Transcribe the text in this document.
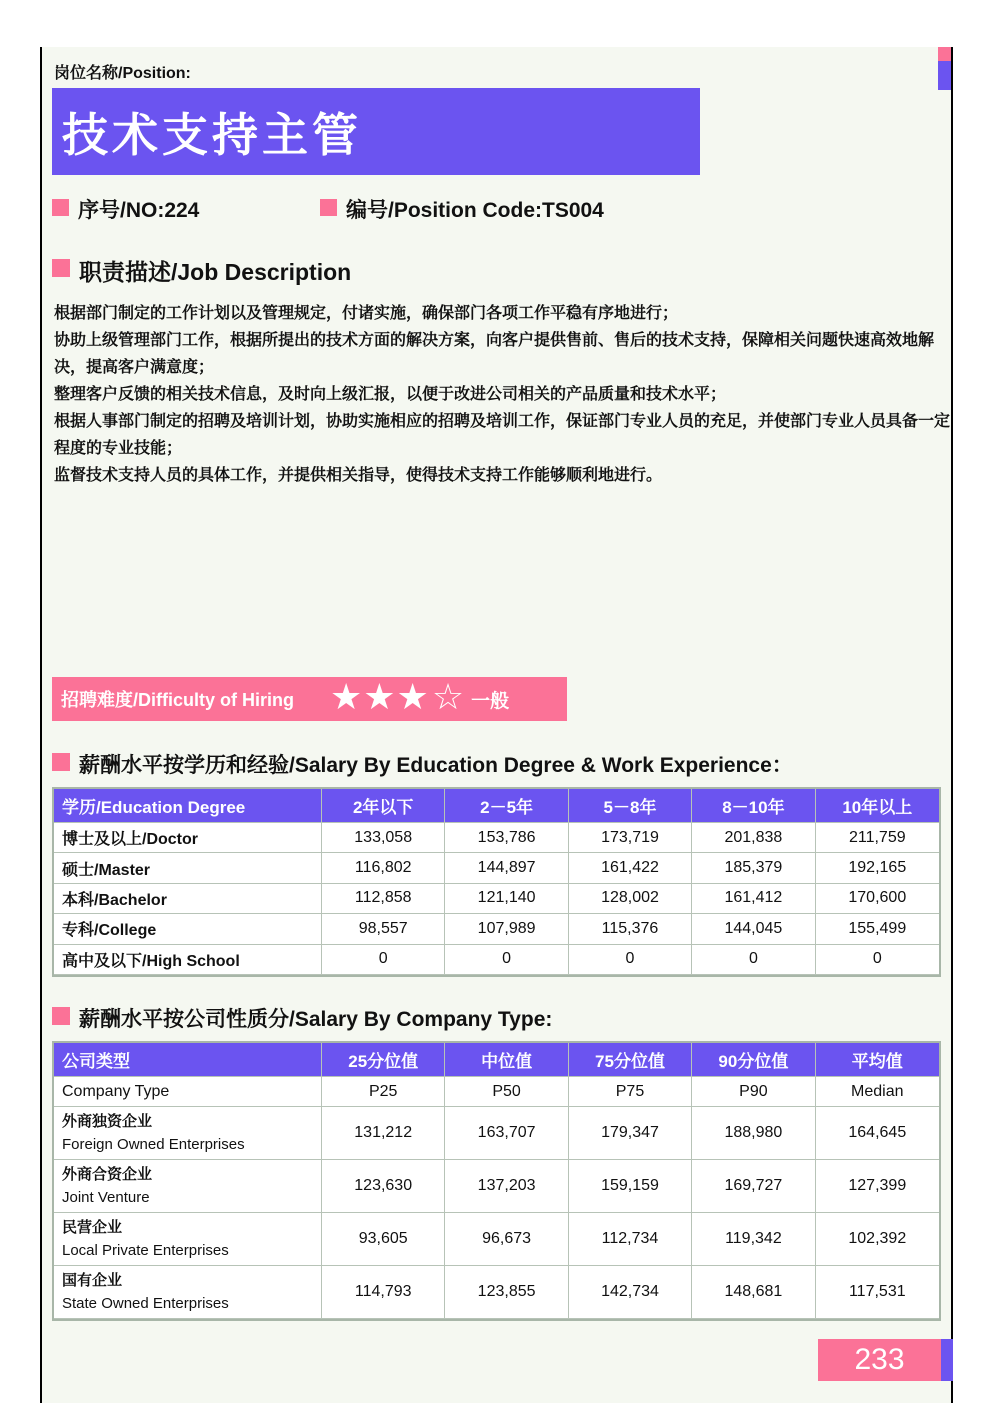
岗位名称/Position:
技术支持主管
序号/NO:224	编号/Position Code:TS004
职责描述/Job Description

根据部门制定的工作计划以及管理规定，付诸实施，确保部门各项工作平稳有序地进行；

协助上级管理部门工作，根据所提出的技术方面的解决方案，向客户提供售前、售后的技术支持，保障相关问题快速高效地解决，提高客户满意度；

整理客户反馈的相关技术信息，及时向上级汇报，以便于改进公司相关的产品质量和技术水平；

根据人事部门制定的招聘及培训计划，协助实施相应的招聘及培训工作，保证部门专业人员的充足，并使部门专业人员具备一定程度的专业技能；

监督技术支持人员的具体工作，并提供相关指导，使得技术支持工作能够顺利地进行。

招聘难度/Difficulty of Hiring ★★★ ☆ 一般
薪酬水平按学历和经验/Salary By Education Degree & Work Experience：
学历/Education Degree	2年以下	2－5年	5－8年	8－10年	10年以上
博士及以上/Doctor	133,058	153,786	173,719	201,838	211,759
硕士/Master	116,802	144,897	161,422	185,379	192,165
本科/Bachelor	112,858	121,140	128,002	161,412	170,600
专科/College	98,557	107,989	115,376	144,045	155,499
高中及以下/High School	0	0	0	0	0
薪酬水平按公司性质分/Salary By Company Type:
公司类型	25分位值	中位值	75分位值	90分位值	平均值
Company Type	P25	P50	P75	P90	Median
外商独资企业
Foreign Owned Enterprises
131,212	163,707	179,347	188,980	164,645
外商合资企业
Joint Venture
123,630	137,203	159,159	169,727	127,399
民营企业
Local Private Enterprises
93,605	96,673	112,734	119,342	102,392
国有企业
State Owned Enterprises
114,793	123,855	142,734	148,681	117,531
233
